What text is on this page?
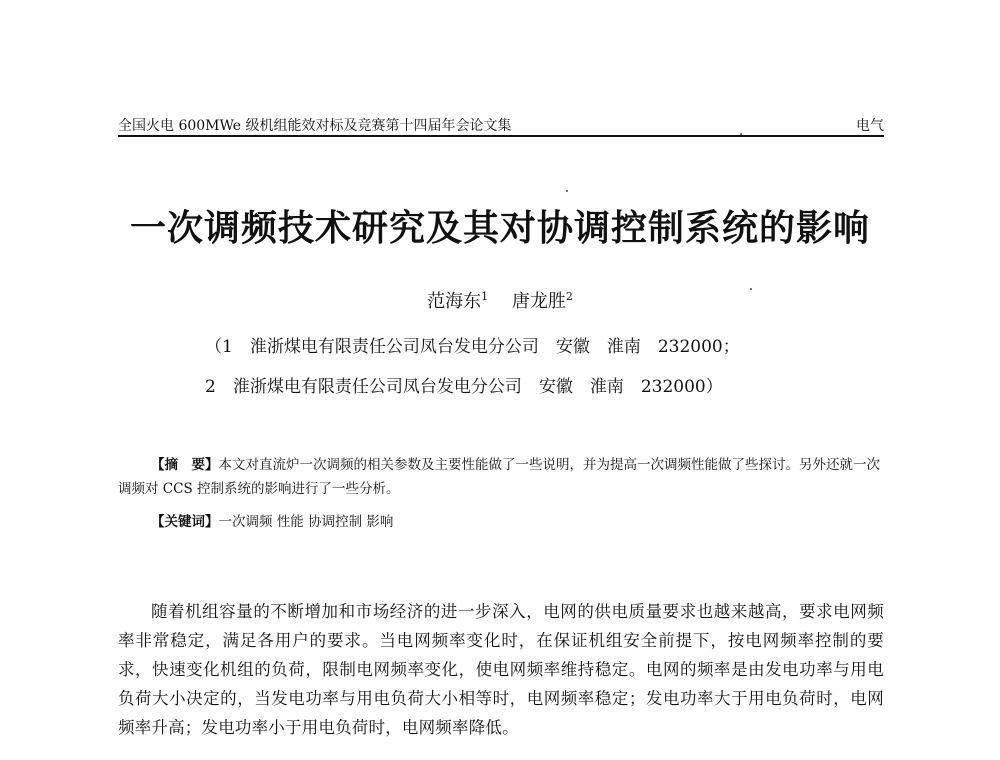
全国火电 600MWe 级机组能效对标及竞赛第十四届年会论文集	电气
一次调频技术研究及其对协调控制系统的影响
范海东$^1$   唐龙胜$^2$
（1　淮浙煤电有限责任公司凤台发电分公司　安徽　淮南　232000；
2　淮浙煤电有限责任公司凤台发电分公司　安徽　淮南　232000）
【摘　要】本文对直流炉一次调频的相关参数及主要性能做了一些说明，并为提高一次调频性能做了些探讨。另外还就一次调频对 CCS 控制系统的影响进行了一些分析。
【关键词】一次调频 性能 协调控制 影响
随着机组容量的不断增加和市场经济的进一步深入，电网的供电质量要求也越来越高，要求电网频率非常稳定，满足各用户的要求。当电网频率变化时，在保证机组安全前提下，按电网频率控制的要求，快速变化机组的负荷，限制电网频率变化，使电网频率维持稳定。电网的频率是由发电功率与用电负荷大小决定的，当发电功率与用电负荷大小相等时，电网频率稳定；发电功率大于用电负荷时，电网频率升高；发电功率小于用电负荷时，电网频率降低。
